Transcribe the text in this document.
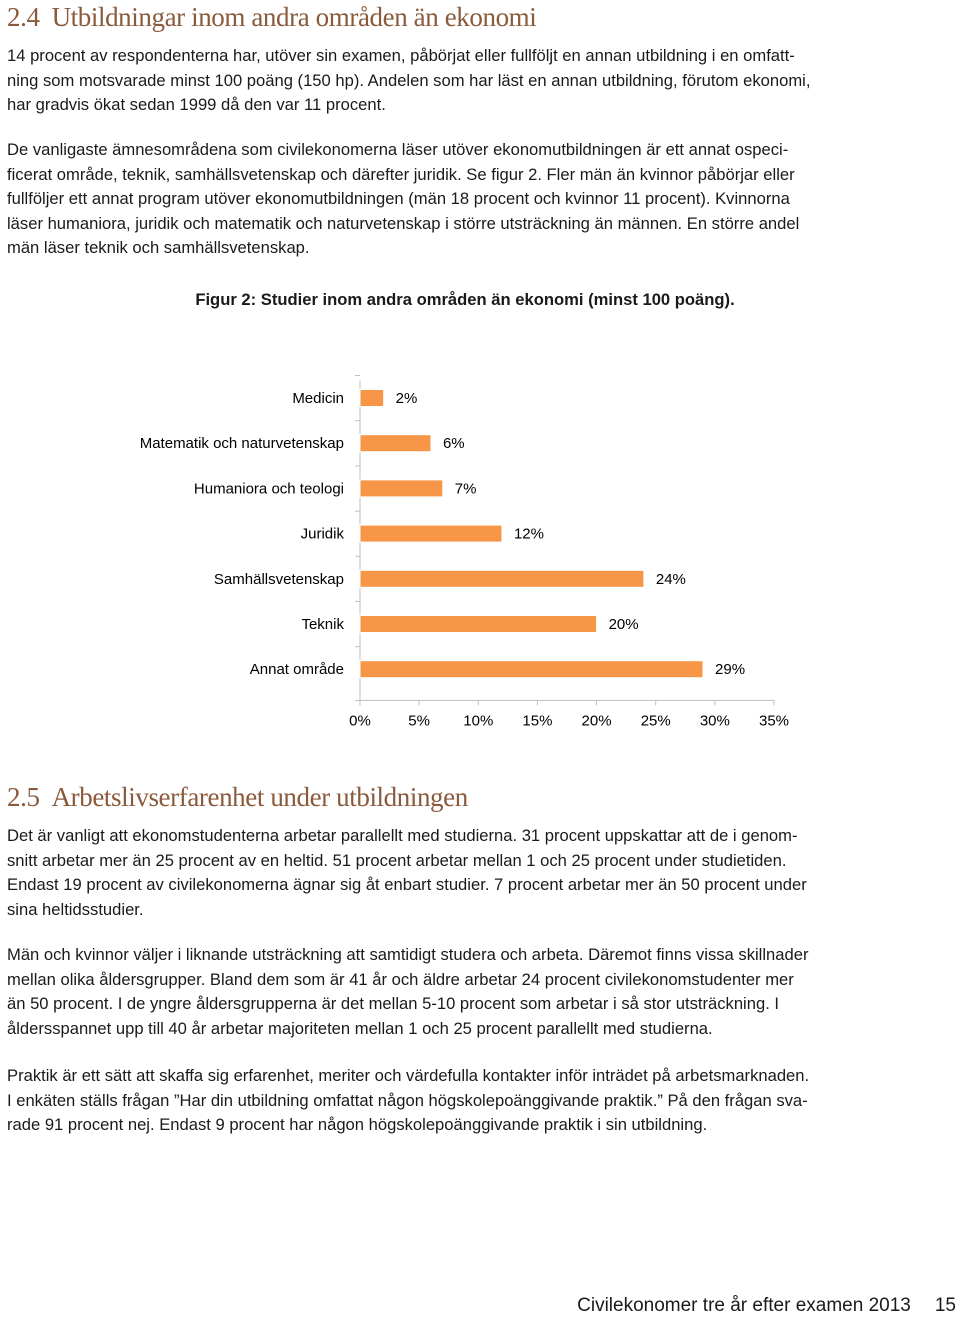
2.4 Utbildningar inom andra områden än ekonomi

14 procent av respondenterna har, utöver sin examen, påbörjat eller fullföljt en annan utbildning i en omfatt-
ning som motsvarade minst 100 poäng (150 hp). Andelen som har läst en annan utbildning, förutom ekonomi,
har gradvis ökat sedan 1999 då den var 11 procent.

De vanligaste ämnesområdena som civilekonomerna läser utöver ekonomutbildningen är ett annat ospeci-
ficerat område, teknik, samhällsvetenskap och därefter juridik. Se figur 2. Fler män än kvinnor påbörjar eller
fullföljer ett annat program utöver ekonomutbildningen (män 18 procent och kvinnor 11 procent). Kvinnorna
läser humaniora, juridik och matematik och naturvetenskap i större utsträckning än männen. En större andel
män läser teknik och samhällsvetenskap.

Figur 2: Studier inom andra områden än ekonomi (minst 100 poäng).

Medicin	2%
Matematik och naturvetenskap	6%
Humaniora och teologi	7%
Juridik	12%
Samhällsvetenskap	24%
Teknik	20%
Annat område	29%
0% 5% 10% 15% 20% 25% 30% 35%
2.5 Arbetslivserfarenhet under utbildningen

Det är vanligt att ekonomstudenterna arbetar parallellt med studierna. 31 procent uppskattar att de i genom-
snitt arbetar mer än 25 procent av en heltid. 51 procent arbetar mellan 1 och 25 procent under studietiden.
Endast 19 procent av civilekonomerna ägnar sig åt enbart studier. 7 procent arbetar mer än 50 procent under
sina heltidsstudier.

Män och kvinnor väljer i liknande utsträckning att samtidigt studera och arbeta. Däremot finns vissa skillnader
mellan olika åldersgrupper. Bland dem som är 41 år och äldre arbetar 24 procent civilekonomstudenter mer
än 50 procent. I de yngre åldersgrupperna är det mellan 5-10 procent som arbetar i så stor utsträckning. I
åldersspannet upp till 40 år arbetar majoriteten mellan 1 och 25 procent parallellt med studierna.

Praktik är ett sätt att skaffa sig erfarenhet, meriter och värdefulla kontakter inför inträdet på arbetsmarknaden.
I enkäten ställs frågan ”Har din utbildning omfattat någon högskolepoänggivande praktik.” På den frågan sva-
rade 91 procent nej. Endast 9 procent har någon högskolepoänggivande praktik i sin utbildning.

Civilekonomer tre år efter examen 2013 15
